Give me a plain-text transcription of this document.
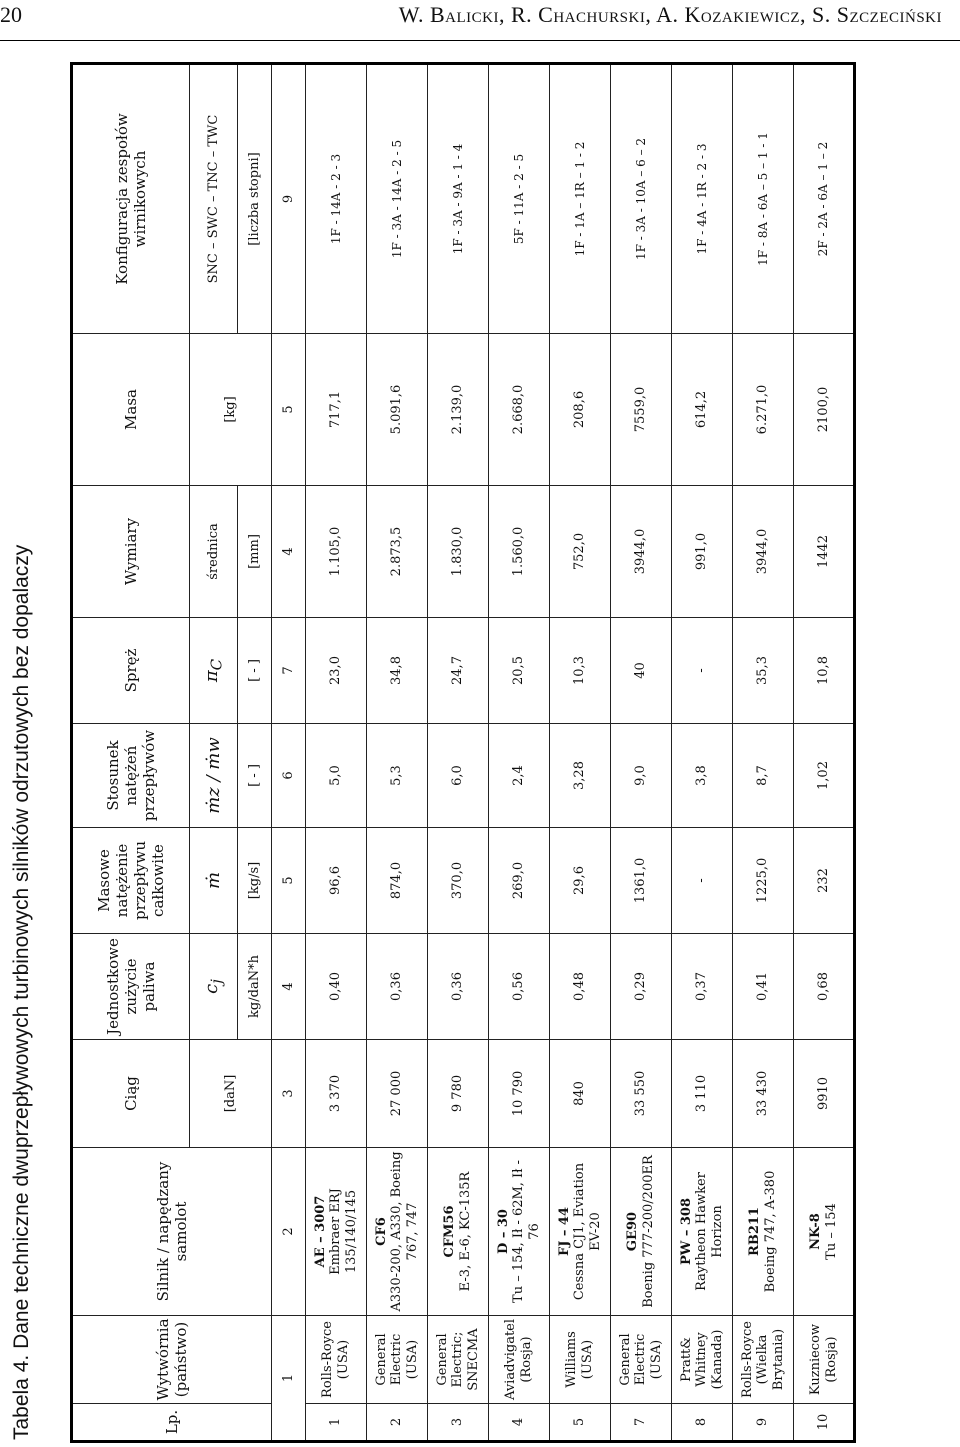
20	W. Balicki, R. Chachurski, A. Kozakiewicz, S. Szczeciński
Tabela 4. Dane techniczne dwuprzepływowych turbinowych silników odrzutowych bez dopalaczy	Lp.	Wytwórnia (państwo)	Silnik / napędzany samolot	Ciąg	Jednostkowe zużycie paliwa	Masowe natężenie przepływu całkowite	Stosunek natężeń przepływów	Spręż	Wymiary	Masa	Konfiguracja zespołów wirnikowych
			[daN]	$c_j$	ṁ	ṁz / ṁw	$\pi_C$	średnica	[kg]	SNC – SWC – TNC – TWC
				kg/daN*h	[kg/s]	[ - ]	[ - ]	[mm]		[liczba stopni]
1		2	3	4	5	6	7	4	5	9
1	Rolls-Royce (USA)	AE – 3007 Embraer ERJ 135/140/145	3 370	0,40	96,6	5,0	23,0	1.105,0	717,1	1F - 14A - 2 - 3
2	General Electric (USA)	CF6 A330-200, A330, Boeing 767, 747	27 000	0,36	874,0	5,3	34,8	2.873,5	5.091,6	1F - 3A - 14A - 2 - 5
3	General Electric; SNECMA	CFM56 E-3, E-6, KC-135R	9 780	0,36	370,0	6,0	24,7	1.830,0	2.139,0	1F - 3A - 9A - 1 - 4
4	Aviadvigatel (Rosja)	D – 30 Tu – 154, Ił - 62M, Ił - 76	10 790	0,56	269,0	2,4	20,5	1.560,0	2.668,0	5F - 11A - 2 - 5
5	Williams (USA)	FJ – 44 Cessna CJ1, Eviation EV-20	840	0,48	29,6	3,28	10,3	752,0	208,6	1F - 1A – 1R – 1 - 2
7	General Electric (USA)	GE90 Boenig 777-200/200ER	33 550	0,29	1361,0	9,0	40	3944,0	7559,0	1F - 3A - 10A – 6 – 2
8	Pratt& Whitney (Kanada)	PW – 308 Raytheon Hawker Horizon	3 110	0,37	-	3,8	-	991,0	614,2	1F - 4A - 1R - 2 - 3
9	Rolls-Royce (Wielka Brytania)	RB211 Boeing 747, A-380	33 430	0,41	1225,0	8,7	35,3	3944,0	6.271,0	1F - 8A - 6A – 5 – 1 - 1
10	Kuzniecow (Rosja)	NK-8 Tu – 154	9910	0,68	232	1,02	10,8	1442	2100,0	2F - 2A - 6A – 1 – 2
